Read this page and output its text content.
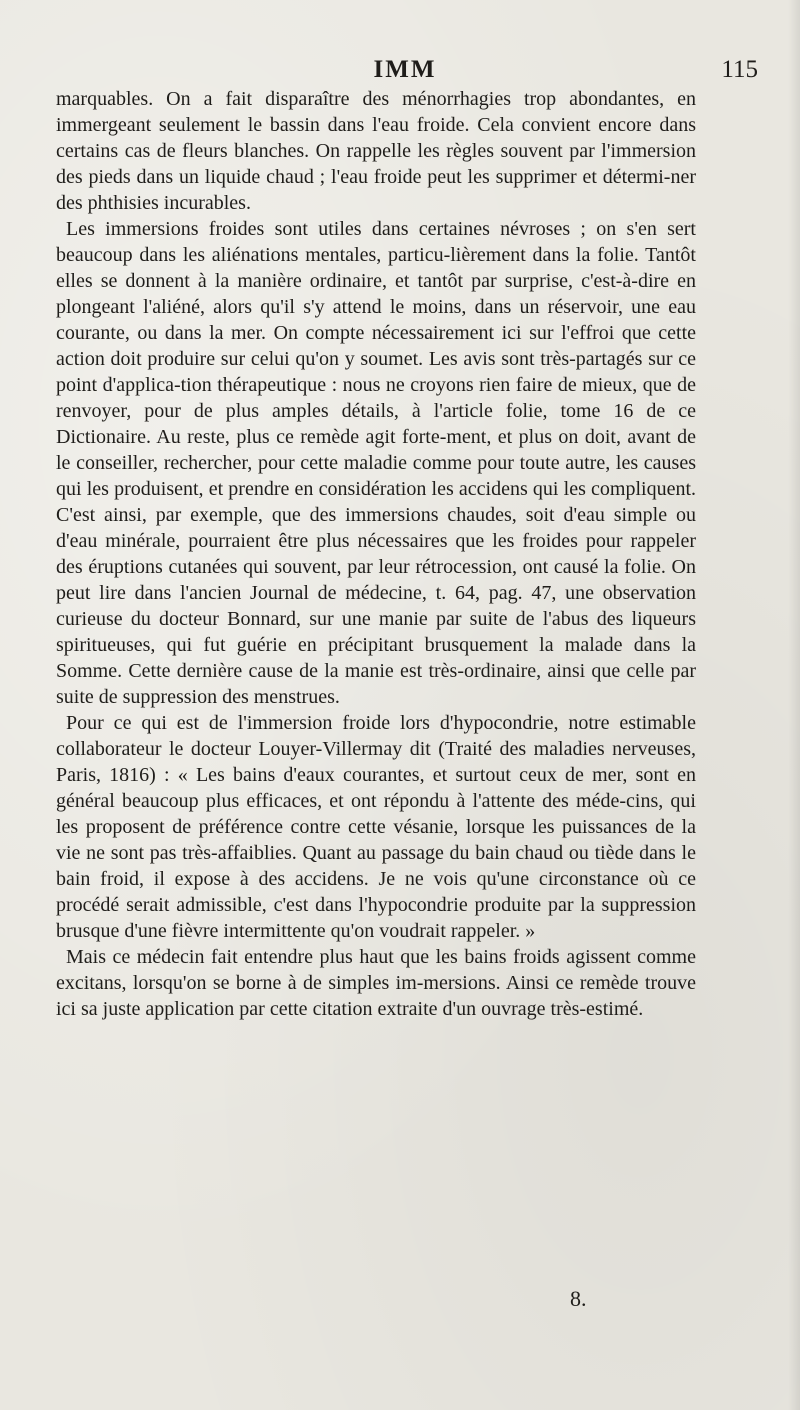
IMM	115

marquables. On a fait disparaître des ménorrhagies trop abondantes, en immergeant seulement le bassin dans l'eau froide. Cela convient encore dans certains cas de fleurs blanches. On rappelle les règles souvent par l'immersion des pieds dans un liquide chaud ; l'eau froide peut les supprimer et détermi-ner des phthisies incurables.

Les immersions froides sont utiles dans certaines névroses ; on s'en sert beaucoup dans les aliénations mentales, particu-lièrement dans la folie. Tantôt elles se donnent à la manière ordinaire, et tantôt par surprise, c'est-à-dire en plongeant l'aliéné, alors qu'il s'y attend le moins, dans un réservoir, une eau courante, ou dans la mer. On compte nécessairement ici sur l'effroi que cette action doit produire sur celui qu'on y soumet. Les avis sont très-partagés sur ce point d'applica-tion thérapeutique : nous ne croyons rien faire de mieux, que de renvoyer, pour de plus amples détails, à l'article folie, tome 16 de ce Dictionaire. Au reste, plus ce remède agit forte-ment, et plus on doit, avant de le conseiller, rechercher, pour cette maladie comme pour toute autre, les causes qui les produisent, et prendre en considération les accidens qui les compliquent. C'est ainsi, par exemple, que des immersions chaudes, soit d'eau simple ou d'eau minérale, pourraient être plus nécessaires que les froides pour rappeler des éruptions cutanées qui souvent, par leur rétrocession, ont causé la folie. On peut lire dans l'ancien Journal de médecine, t. 64, pag. 47, une observation curieuse du docteur Bonnard, sur une manie par suite de l'abus des liqueurs spiritueuses, qui fut guérie en précipitant brusquement la malade dans la Somme. Cette dernière cause de la manie est très-ordinaire, ainsi que celle par suite de suppression des menstrues.

Pour ce qui est de l'immersion froide lors d'hypocondrie, notre estimable collaborateur le docteur Louyer-Villermay dit (Traité des maladies nerveuses, Paris, 1816) : « Les bains d'eaux courantes, et surtout ceux de mer, sont en général beaucoup plus efficaces, et ont répondu à l'attente des méde-cins, qui les proposent de préférence contre cette vésanie, lorsque les puissances de la vie ne sont pas très-affaiblies. Quant au passage du bain chaud ou tiède dans le bain froid, il expose à des accidens. Je ne vois qu'une circonstance où ce procédé serait admissible, c'est dans l'hypocondrie produite par la suppression brusque d'une fièvre intermittente qu'on voudrait rappeler. »

Mais ce médecin fait entendre plus haut que les bains froids agissent comme excitans, lorsqu'on se borne à de simples im-mersions. Ainsi ce remède trouve ici sa juste application par cette citation extraite d'un ouvrage très-estimé.

8.
